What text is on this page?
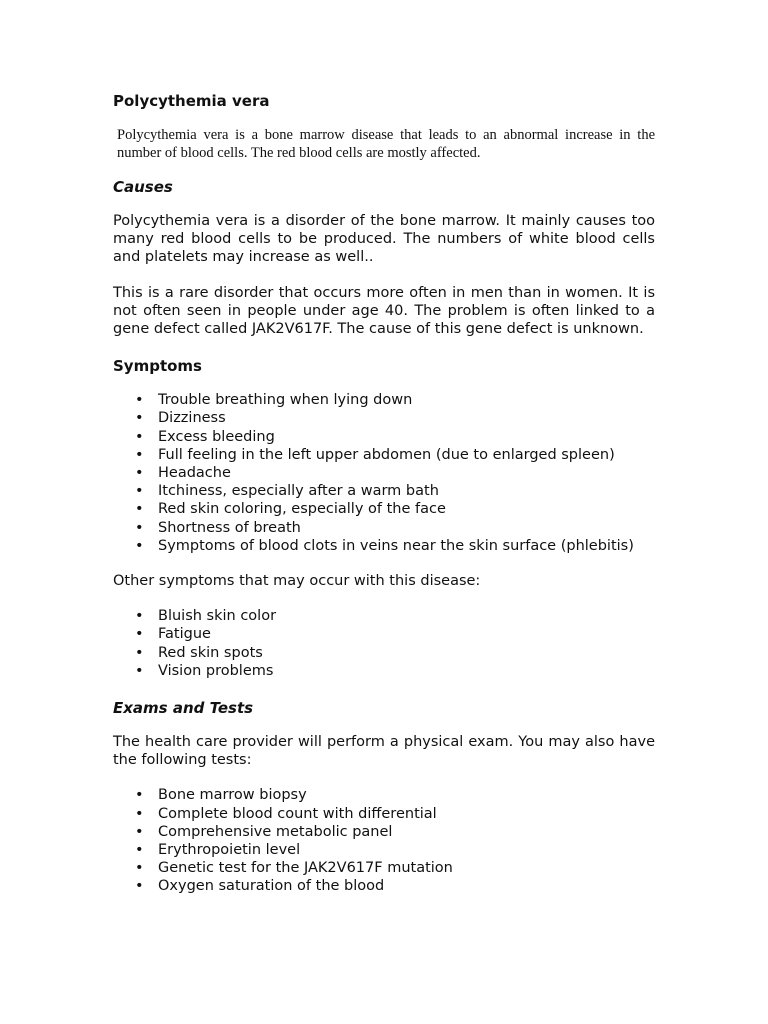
Polycythemia vera

Polycythemia vera is a bone marrow disease that leads to an abnormal increase in the number of blood cells. The red blood cells are mostly affected.

Causes

Polycythemia vera is a disorder of the bone marrow. It mainly causes too many red blood cells to be produced. The numbers of white blood cells and platelets may increase as well..

This is a rare disorder that occurs more often in men than in women. It is not often seen in people under age 40. The problem is often linked to a gene defect called JAK2V617F. The cause of this gene defect is unknown.

Symptoms
• Trouble breathing when lying down
• Dizziness
• Excess bleeding
• Full feeling in the left upper abdomen (due to enlarged spleen)
• Headache
• Itchiness, especially after a warm bath
• Red skin coloring, especially of the face
• Shortness of breath
• Symptoms of blood clots in veins near the skin surface (phlebitis)

Other symptoms that may occur with this disease:

• Bluish skin color
• Fatigue
• Red skin spots
• Vision problems
Exams and Tests

The health care provider will perform a physical exam. You may also have the following tests:

• Bone marrow biopsy
• Complete blood count with differential
• Comprehensive metabolic panel
• Erythropoietin level
• Genetic test for the JAK2V617F mutation
• Oxygen saturation of the blood
